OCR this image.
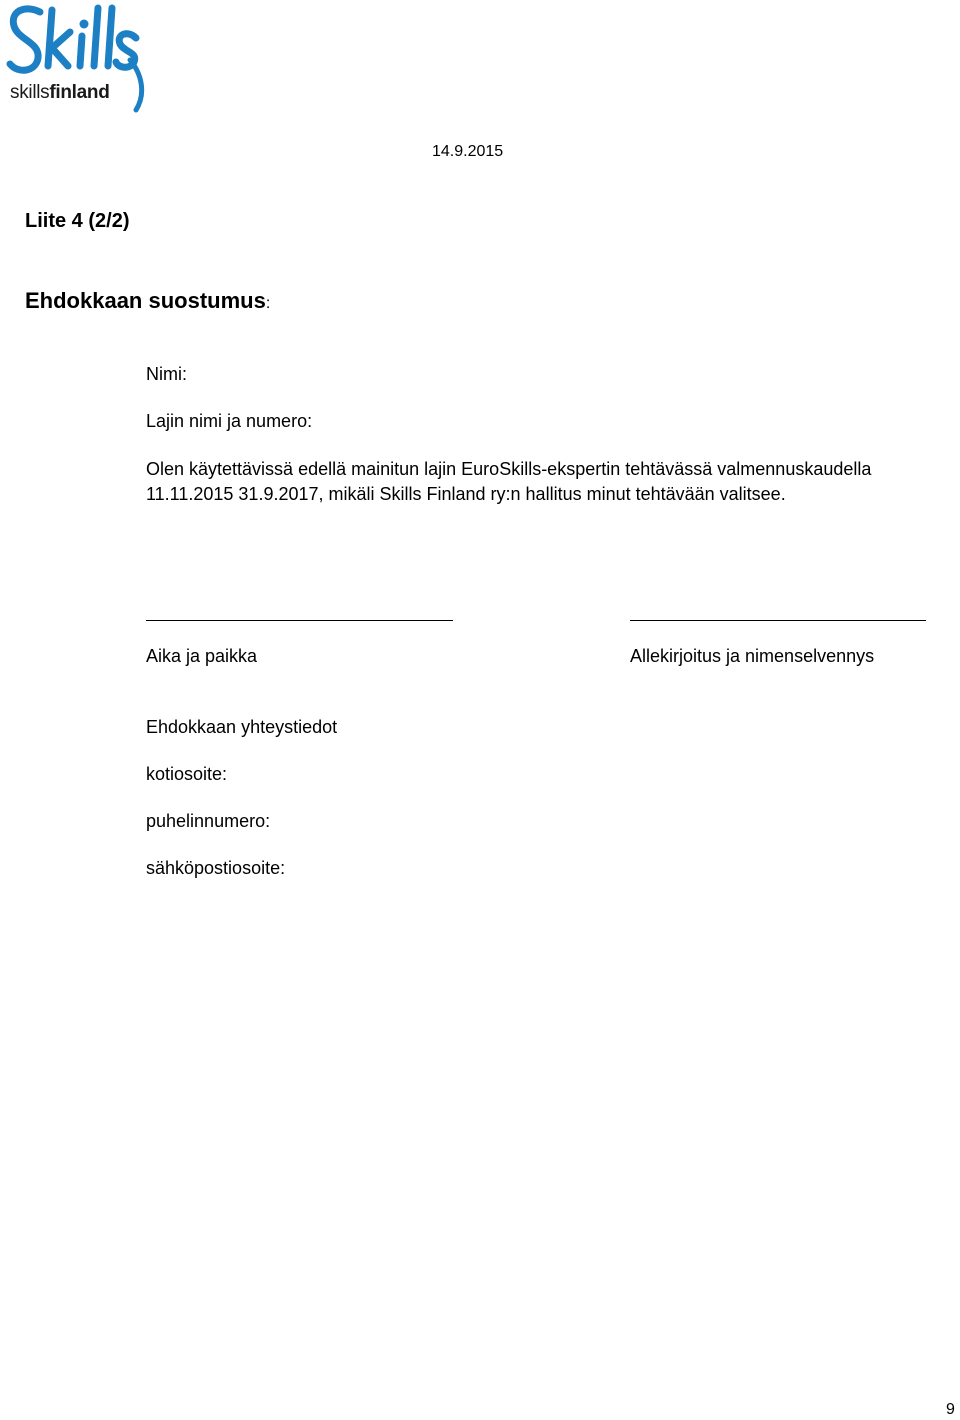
skillsfinland
14.9.2015
Liite 4 (2/2)
Ehdokkaan suostumus:
Nimi:
Lajin nimi ja numero:
Olen käytettävissä edellä mainitun lajin EuroSkills-ekspertin tehtävässä valmennuskaudella 11.11.2015 31.9.2017, mikäli Skills Finland ry:n hallitus minut tehtävään valitsee.
Aika ja paikka	Allekirjoitus ja nimenselvennys
Ehdokkaan yhteystiedot
kotiosoite:
puhelinnumero:
sähköpostiosoite:
9
